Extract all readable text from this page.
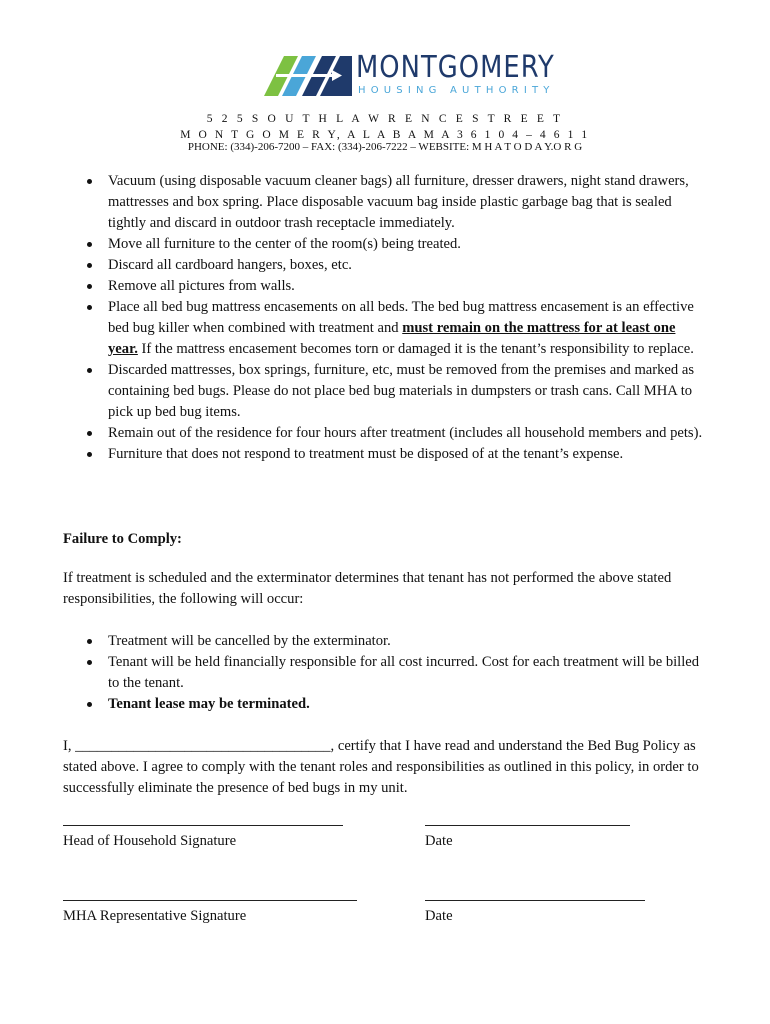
MONTGOMERY
HOUSING AUTHORITY
5 2 5 S O U T H L A W R E N C E S T R E E T
M O N T G O M E R Y, A L A B A M A 3 6 1 0 4 – 4 6 1 1
PHONE: (334)-206-7200 – FAX: (334)-206-7222 – WEBSITE: M H A T O D A Y.O R G
Vacuum (using disposable vacuum cleaner bags) all furniture, dresser drawers, night stand drawers, mattresses and box spring. Place disposable vacuum bag inside plastic garbage bag that is sealed tightly and discard in outdoor trash receptacle immediately.
Move all furniture to the center of the room(s) being treated.
Discard all cardboard hangers, boxes, etc.
Remove all pictures from walls.
Place all bed bug mattress encasements on all beds. The bed bug mattress encasement is an effective bed bug killer when combined with treatment and must remain on the mattress for at least one year. If the mattress encasement becomes torn or damaged it is the tenant’s responsibility to replace.
Discarded mattresses, box springs, furniture, etc, must be removed from the premises and marked as containing bed bugs. Please do not place bed bug materials in dumpsters or trash cans. Call MHA to pick up bed bug items.
Remain out of the residence for four hours after treatment (includes all household members and pets).
Furniture that does not respond to treatment must be disposed of at the tenant’s expense.
Failure to Comply:
If treatment is scheduled and the exterminator determines that tenant has not performed the above stated responsibilities, the following will occur:
Treatment will be cancelled by the exterminator.
Tenant will be held financially responsible for all cost incurred. Cost for each treatment will be billed to the tenant.
Tenant lease may be terminated.
I, ___________________________________, certify that I have read and understand the Bed Bug Policy as stated above. I agree to comply with the tenant roles and responsibilities as outlined in this policy, in order to successfully eliminate the presence of bed bugs in my unit.
Head of Household Signature	Date
MHA Representative Signature	Date
